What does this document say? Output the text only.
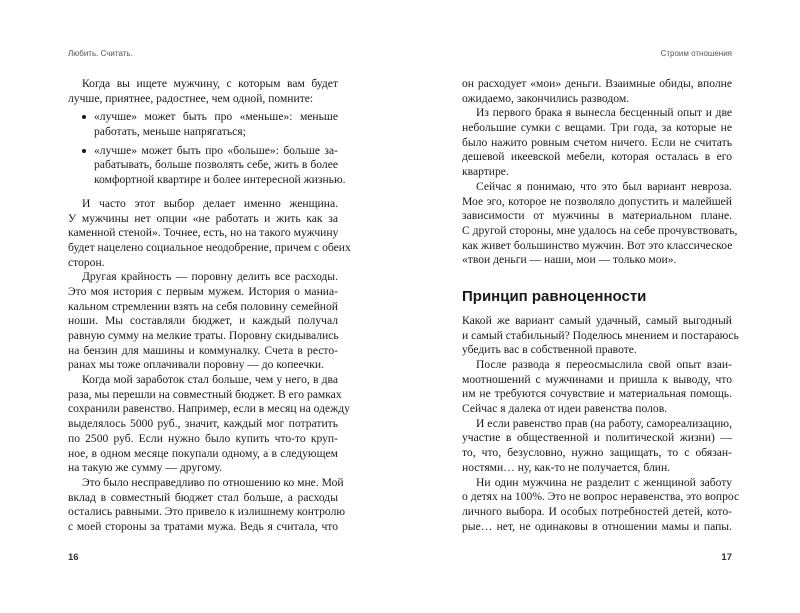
Любить. Считать.
Когда вы ищете мужчину, с которым вам будет
лучше, приятнее, радостнее, чем одной, помните:
«лучше» может быть про «меньше»: меньше
работать, меньше напрягаться;
«лучше» может быть про «больше»: больше за-
рабатывать, больше позволять себе, жить в более
комфортной квартире и более интересной жизнью.
И часто этот выбор делает именно женщина.
У мужчины нет опции «не работать и жить как за
каменной стеной». Точнее, есть, но на такого мужчину
будет нацелено социальное неодобрение, причем с обеих
сторон.
Другая крайность — поровну делить все расходы.
Это моя история с первым мужем. История о маниа-
кальном стремлении взять на себя половину семейной
ноши. Мы составляли бюджет, и каждый получал
равную сумму на мелкие траты. Поровну скидывались
на бензин для машины и коммуналку. Счета в ресто-
ранах мы тоже оплачивали поровну — до копеечки.
Когда мой заработок стал больше, чем у него, в два
раза, мы перешли на совместный бюджет. В его рамках
сохранили равенство. Например, если в месяц на одежду
выделялось 5000 руб., значит, каждый мог потратить
по 2500 руб. Если нужно было купить что-то круп-
ное, в одном месяце покупали одному, а в следующем
на такую же сумму — другому.
Это было несправедливо по отношению ко мне. Мой
вклад в совместный бюджет стал больше, а расходы
остались равными. Это привело к излишнему контролю
с моей стороны за тратами мужа. Ведь я считала, что
16
Строим отношения
он расходует «мои» деньги. Взаимные обиды, вполне
ожидаемо, закончились разводом.
Из первого брака я вынесла бесценный опыт и две
небольшие сумки с вещами. Три года, за которые не
было нажито ровным счетом ничего. Если не считать
дешевой икеевской мебели, которая осталась в его
квартире.
Сейчас я понимаю, что это был вариант невроза.
Мое эго, которое не позволяло допустить и малейшей
зависимости от мужчины в материальном плане.
С другой стороны, мне удалось на себе прочувствовать,
как живет большинство мужчин. Вот это классическое
«твои деньги — наши, мои — только мои».
Принцип равноценности
Какой же вариант самый удачный, самый выгодный
и самый стабильный? Поделюсь мнением и постараюсь
убедить вас в собственной правоте.
После развода я переосмыслила свой опыт взаи-
моотношений с мужчинами и пришла к выводу, что
им не требуются сочувствие и материальная помощь.
Сейчас я далека от идеи равенства полов.
И если равенство прав (на работу, самореализацию,
участие в общественной и политической жизни) —
то, что, безусловно, нужно защищать, то с обязан-
ностями… ну, как-то не получается, блин.
Ни один мужчина не разделит с женщиной заботу
о детях на 100%. Это не вопрос неравенства, это вопрос
личного выбора. И особых потребностей детей, кото-
рые… нет, не одинаковы в отношении мамы и папы.
17
